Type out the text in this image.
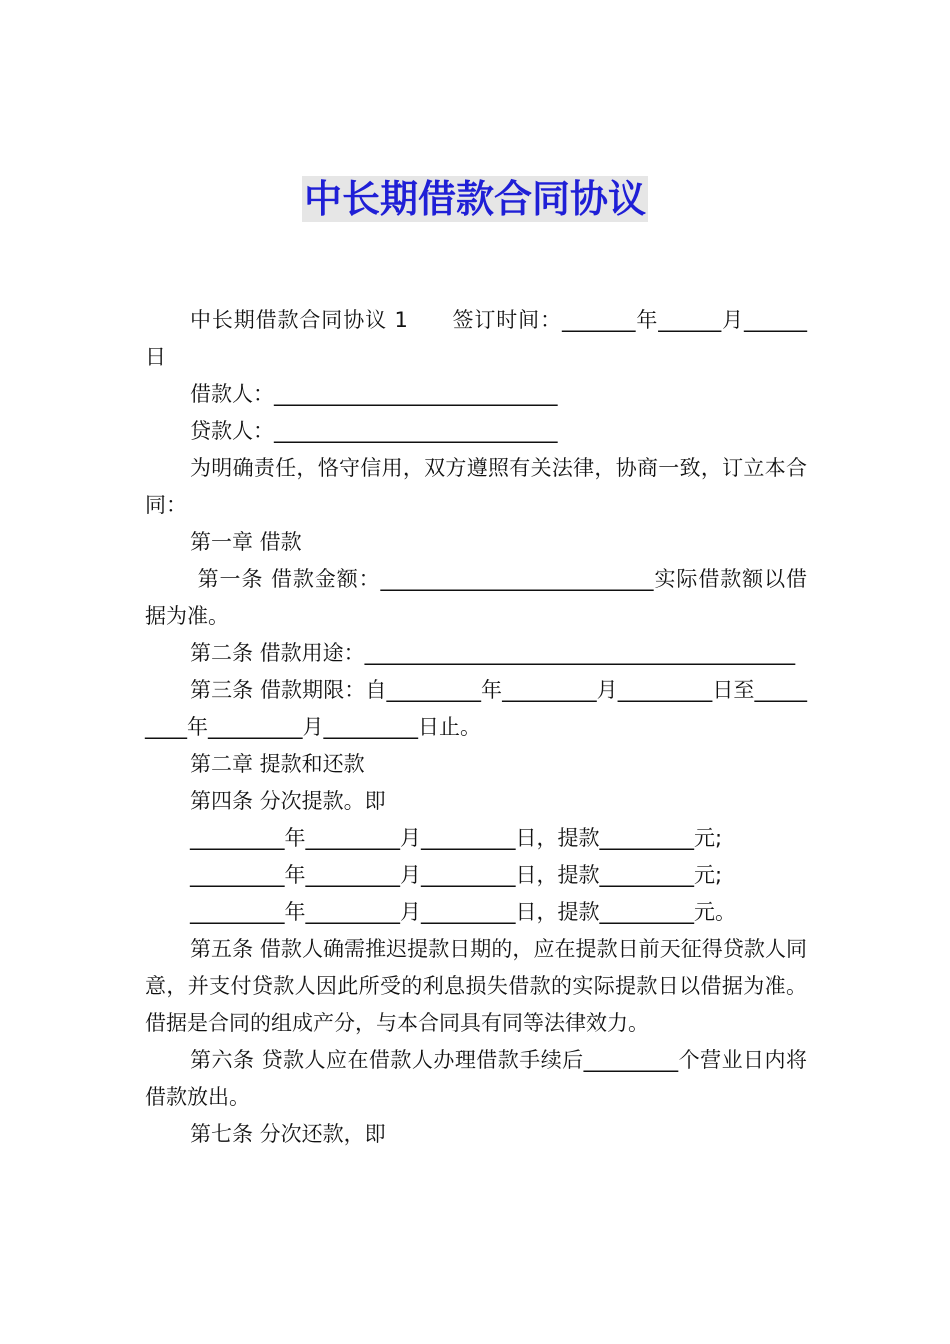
中长期借款合同协议

中长期借款合同协议 1　　签订时间：_______年______月______日

借款人：___________________________

贷款人：___________________________

为明确责任，恪守信用，双方遵照有关法律，协商一致，订立本合同：

第一章 借款

第一条 借款金额：__________________________实际借款额以借据为准。

第二条 借款用途：_________________________________________

第三条 借款期限：自_________年_________月_________日至_________年_________月_________日止。

第二章 提款和还款

第四条 分次提款。即

_________年_________月_________日，提款_________元;

_________年_________月_________日，提款_________元;

_________年_________月_________日，提款_________元。

第五条 借款人确需推迟提款日期的，应在提款日前天征得贷款人同意，并支付贷款人因此所受的利息损失借款的实际提款日以借据为准。借据是合同的组成产分，与本合同具有同等法律效力。

第六条 贷款人应在借款人办理借款手续后_________个营业日内将借款放出。

第七条 分次还款，即
